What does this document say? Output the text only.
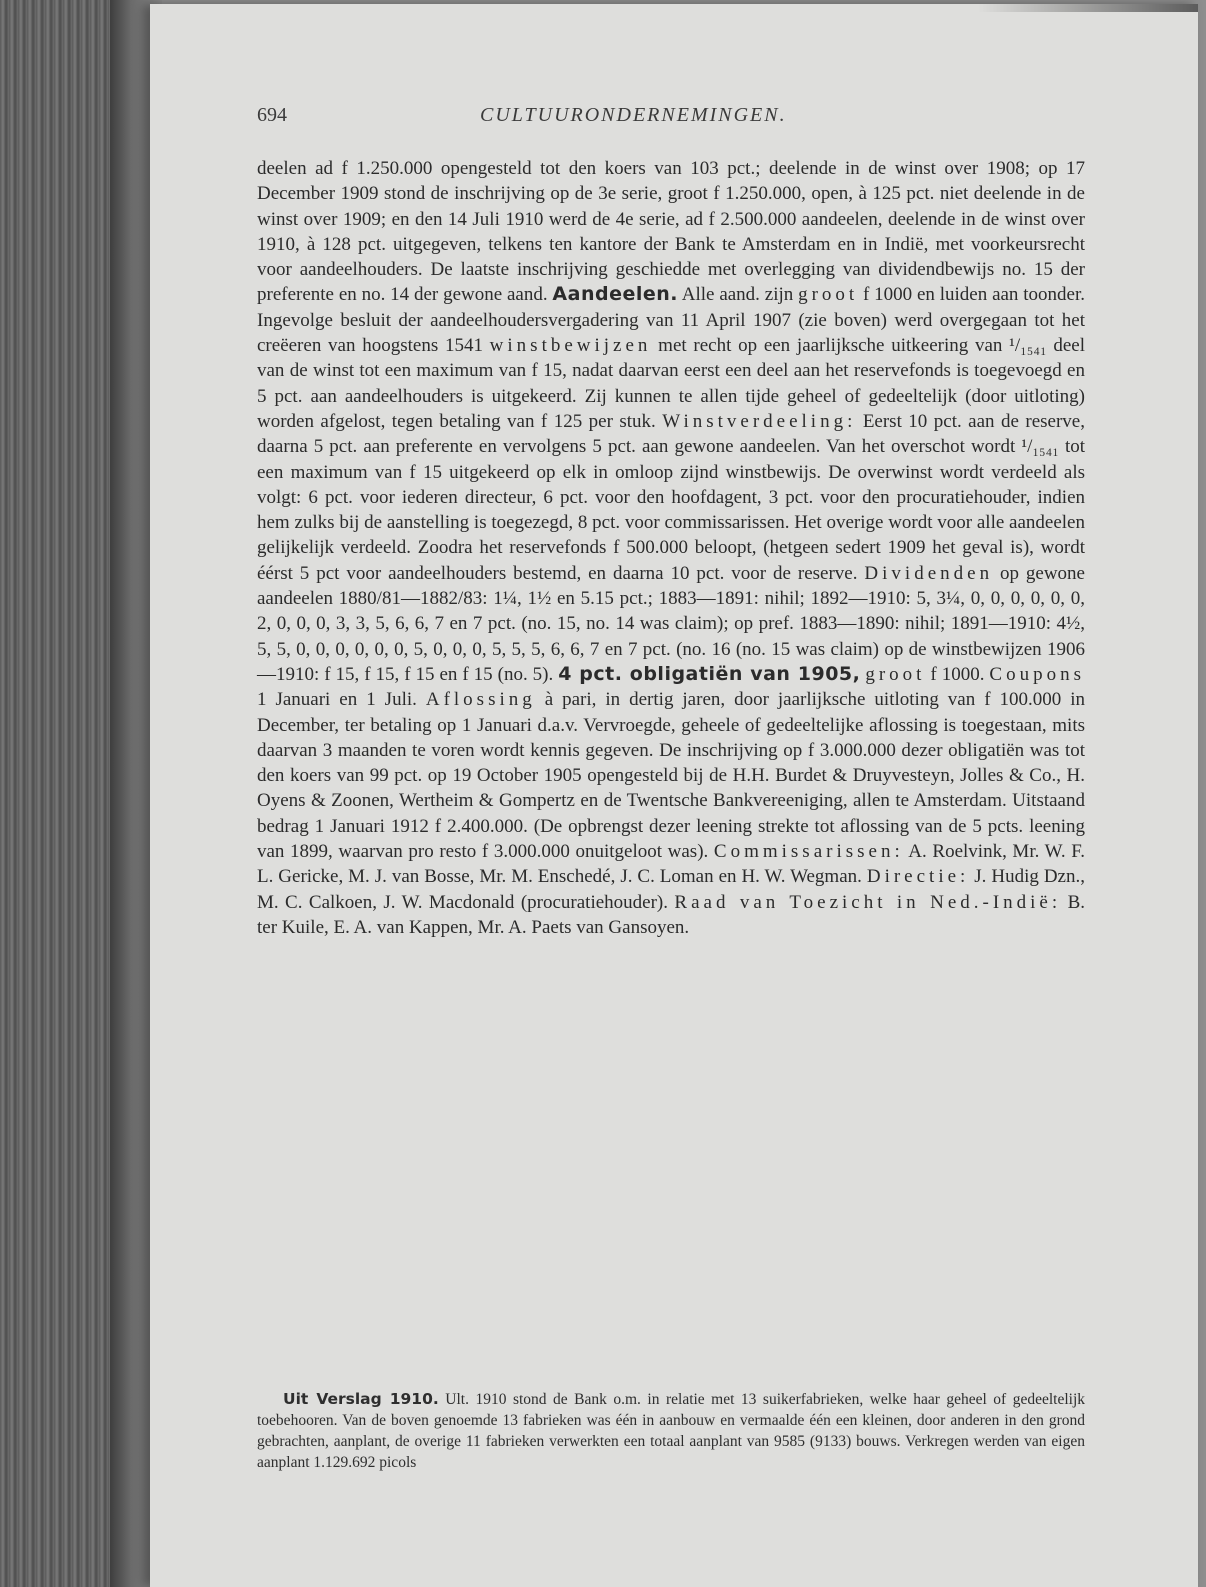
694	CULTUURONDERNEMINGEN.

deelen ad f 1.250.000 opengesteld tot den koers van 103 pct.; deelende in de winst over 1908; op 17 December 1909 stond de inschrijving op de 3e serie, groot f 1.250.000, open, à 125 pct. niet deelende in de winst over 1909; en den 14 Juli 1910 werd de 4e serie, ad f 2.500.000 aandeelen, deelende in de winst over 1910, à 128 pct. uitgegeven, telkens ten kantore der Bank te Amsterdam en in Indië, met voorkeursrecht voor aandeelhouders. De laatste inschrijving geschiedde met overlegging van dividendbewijs no. 15 der preferente en no. 14 der gewone aand. Aandeelen. Alle aand. zijn groot f 1000 en luiden aan toonder. Ingevolge besluit der aandeelhoudersvergadering van 11 April 1907 (zie boven) werd overgegaan tot het creëeren van hoogstens 1541 winstbewijzen met recht op een jaarlijksche uitkeering van ¹/₁₅₄₁ deel van de winst tot een maximum van f 15, nadat daarvan eerst een deel aan het reservefonds is toegevoegd en 5 pct. aan aandeelhouders is uitgekeerd. Zij kunnen te allen tijde geheel of gedeeltelijk (door uitloting) worden afgelost, tegen betaling van f 125 per stuk. Winstverdeeling: Eerst 10 pct. aan de reserve, daarna 5 pct. aan preferente en vervolgens 5 pct. aan gewone aandeelen. Van het overschot wordt ¹/₁₅₄₁ tot een maximum van f 15 uitgekeerd op elk in omloop zijnd winstbewijs. De overwinst wordt verdeeld als volgt: 6 pct. voor iederen directeur, 6 pct. voor den hoofdagent, 3 pct. voor den procuratiehouder, indien hem zulks bij de aanstelling is toegezegd, 8 pct. voor commissarissen. Het overige wordt voor alle aandeelen gelijkelijk verdeeld. Zoodra het reservefonds f 500.000 beloopt, (hetgeen sedert 1909 het geval is), wordt éérst 5 pct voor aandeelhouders bestemd, en daarna 10 pct. voor de reserve. Dividenden op gewone aandeelen 1880/81—1882/83: 1¼, 1½ en 5.15 pct.; 1883—1891: nihil; 1892—1910: 5, 3¼, 0, 0, 0, 0, 0, 0, 2, 0, 0, 0, 3, 3, 5, 6, 6, 7 en 7 pct. (no. 15, no. 14 was claim); op pref. 1883—1890: nihil; 1891—1910: 4½, 5, 5, 0, 0, 0, 0, 0, 0, 5, 0, 0, 0, 5, 5, 5, 6, 6, 7 en 7 pct. (no. 16 (no. 15 was claim) op de winstbewijzen 1906—1910: f 15, f 15, f 15 en f 15 (no. 5). 4 pct. obligatiën van 1905, groot f 1000. Coupons 1 Januari en 1 Juli. Aflossing à pari, in dertig jaren, door jaarlijksche uitloting van f 100.000 in December, ter betaling op 1 Januari d.a.v. Vervroegde, geheele of gedeeltelijke aflossing is toegestaan, mits daarvan 3 maanden te voren wordt kennis gegeven. De inschrijving op f 3.000.000 dezer obligatiën was tot den koers van 99 pct. op 19 October 1905 opengesteld bij de H.H. Burdet & Druyvesteyn, Jolles & Co., H. Oyens & Zoonen, Wertheim & Gompertz en de Twentsche Bankvereeniging, allen te Amsterdam. Uitstaand bedrag 1 Januari 1912 f 2.400.000. (De opbrengst dezer leening strekte tot aflossing van de 5 pcts. leening van 1899, waarvan pro resto f 3.000.000 onuitgeloot was). Commissarissen: A. Roelvink, Mr. W. F. L. Gericke, M. J. van Bosse, Mr. M. Enschedé, J. C. Loman en H. W. Wegman. Directie: J. Hudig Dzn., M. C. Calkoen, J. W. Macdonald (procuratiehouder). Raad van Toezicht in Ned.-Indië: B. ter Kuile, E. A. van Kappen, Mr. A. Paets van Gansoyen.

Uit Verslag 1910. Ult. 1910 stond de Bank o.m. in relatie met 13 suikerfabrieken, welke haar geheel of gedeeltelijk toebehooren. Van de boven genoemde 13 fabrieken was één in aanbouw en vermaalde één een kleinen, door anderen in den grond gebrachten, aanplant, de overige 11 fabrieken verwerkten een totaal aanplant van 9585 (9133) bouws. Verkregen werden van eigen aanplant 1.129.692 picols
